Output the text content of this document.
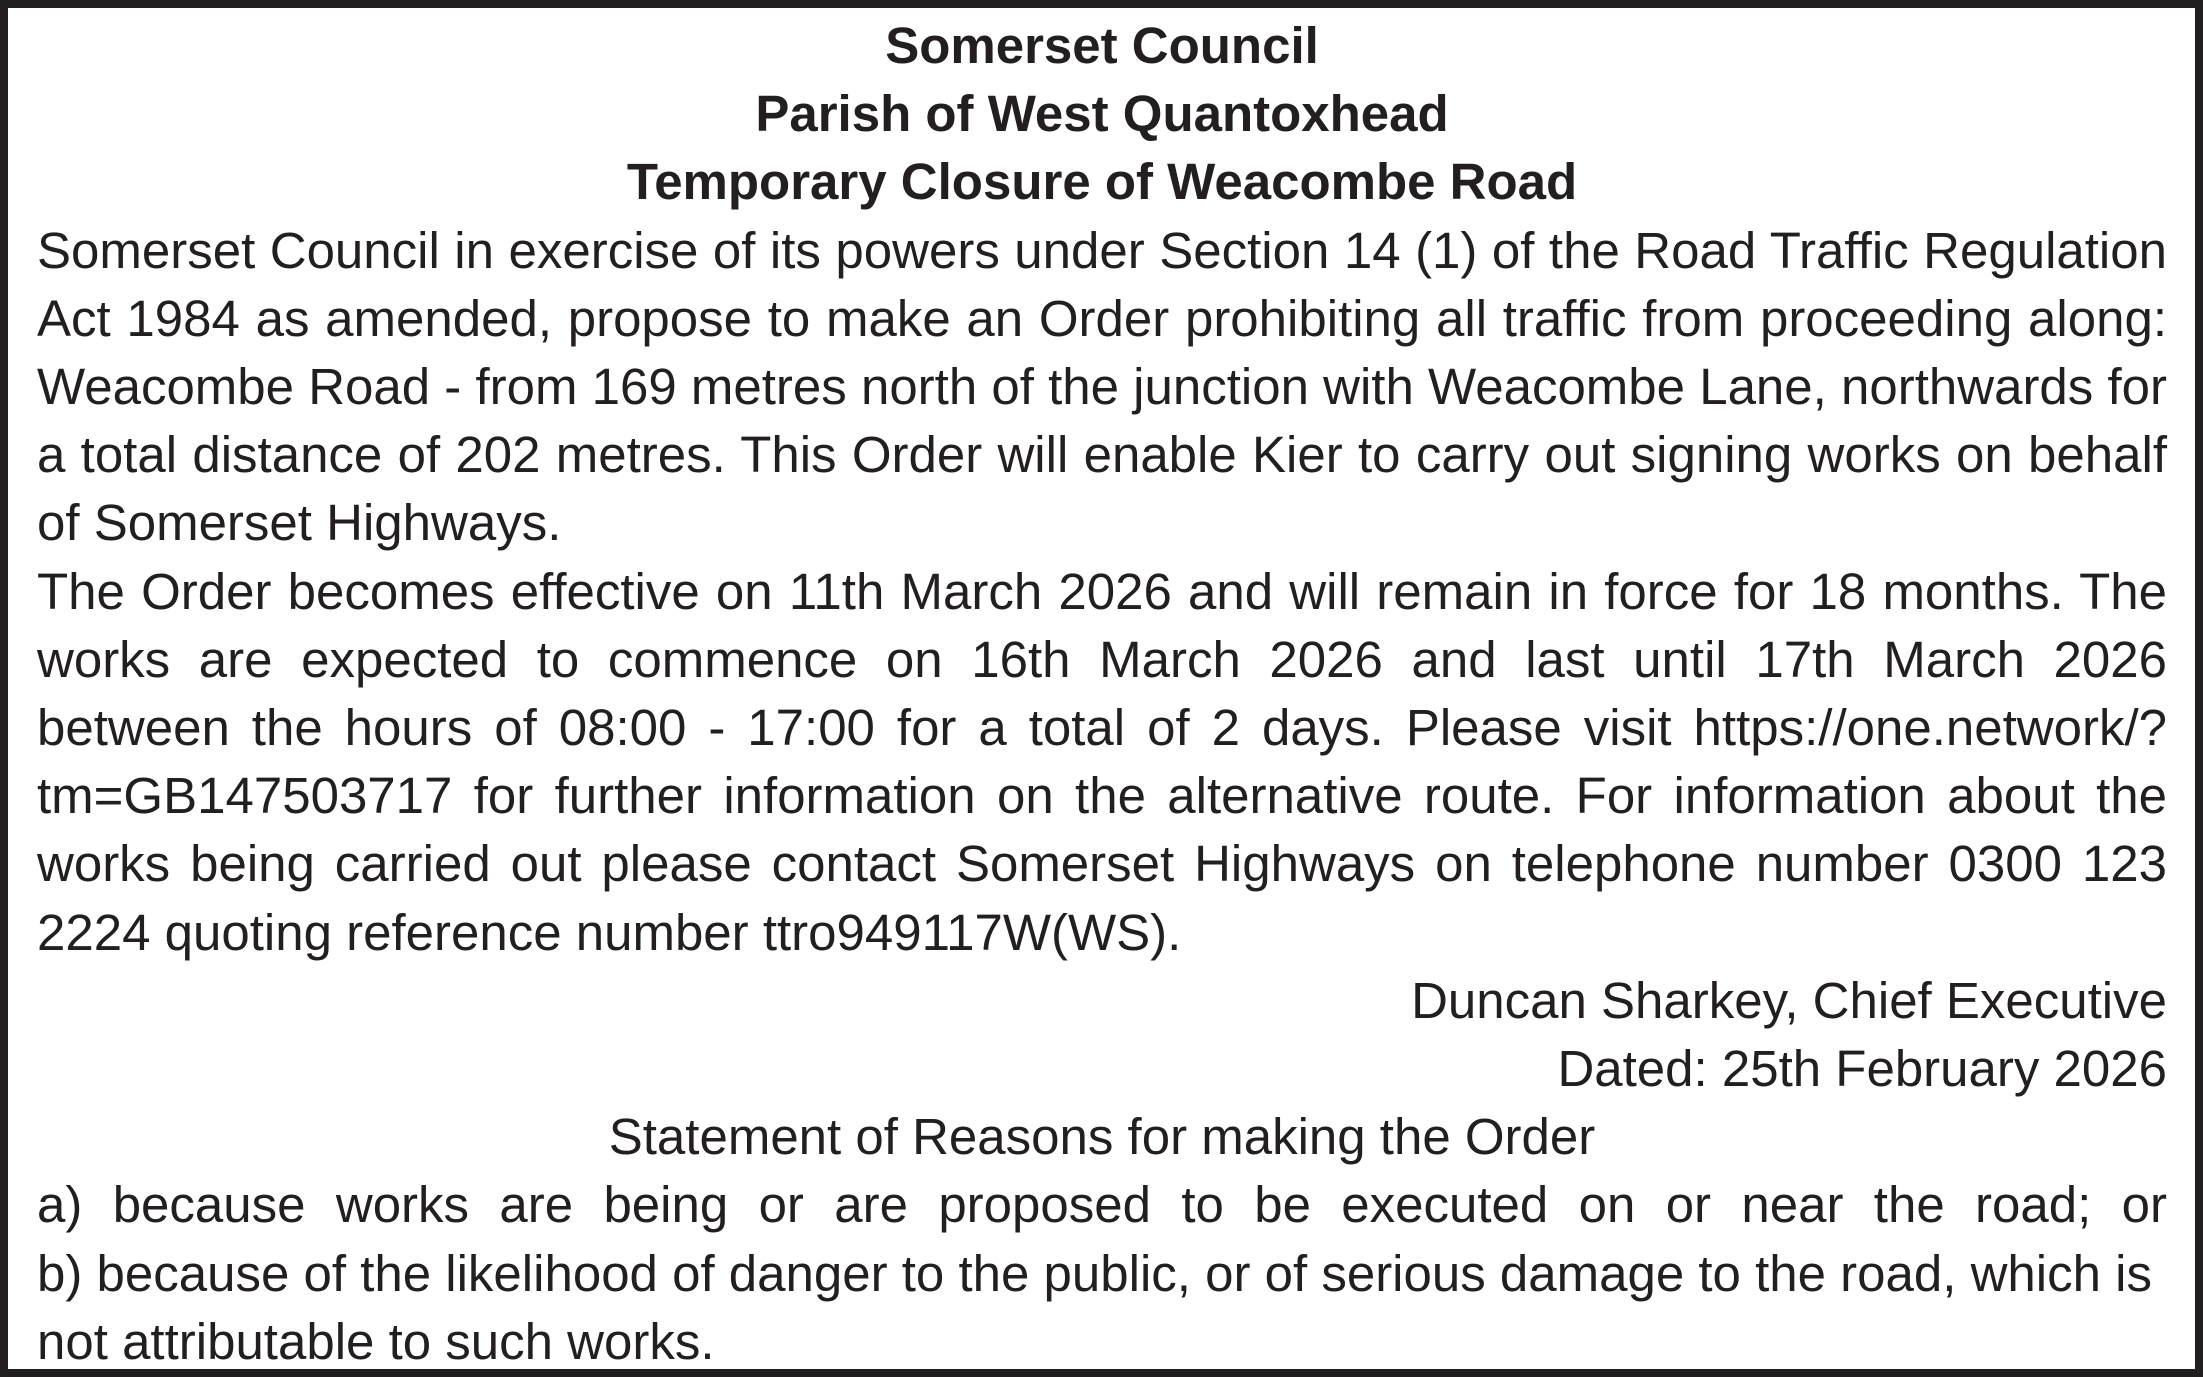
Somerset Council

Parish of West Quantoxhead

Temporary Closure of Weacombe Road

Somerset Council in exercise of its powers under Section 14 (1) of the Road Traffic Regulation Act 1984 as amended, propose to make an Order prohibiting all traffic from proceeding along: Weacombe Road - from 169 metres north of the junction with Weacombe Lane, northwards for a total distance of 202 metres. This Order will enable Kier to carry out signing works on behalf of Somerset Highways.

The Order becomes effective on 11th March 2026 and will remain in force for 18 months. The works are expected to commence on 16th March 2026 and last until 17th March 2026 between the hours of 08:00 - 17:00 for a total of 2 days. Please visit https://one.network/?tm=GB147503717 for further information on the alternative route. For information about the works being carried out please contact Somerset Highways on telephone number 0300 123 2224 quoting reference number ttro949117W(WS).

Duncan Sharkey, Chief Executive

Dated: 25th February 2026

Statement of Reasons for making the Order

a) because works are being or are proposed to be executed on or near the road; or

b) because of the likelihood of danger to the public, or of serious damage to the road, which is not attributable to such works.
